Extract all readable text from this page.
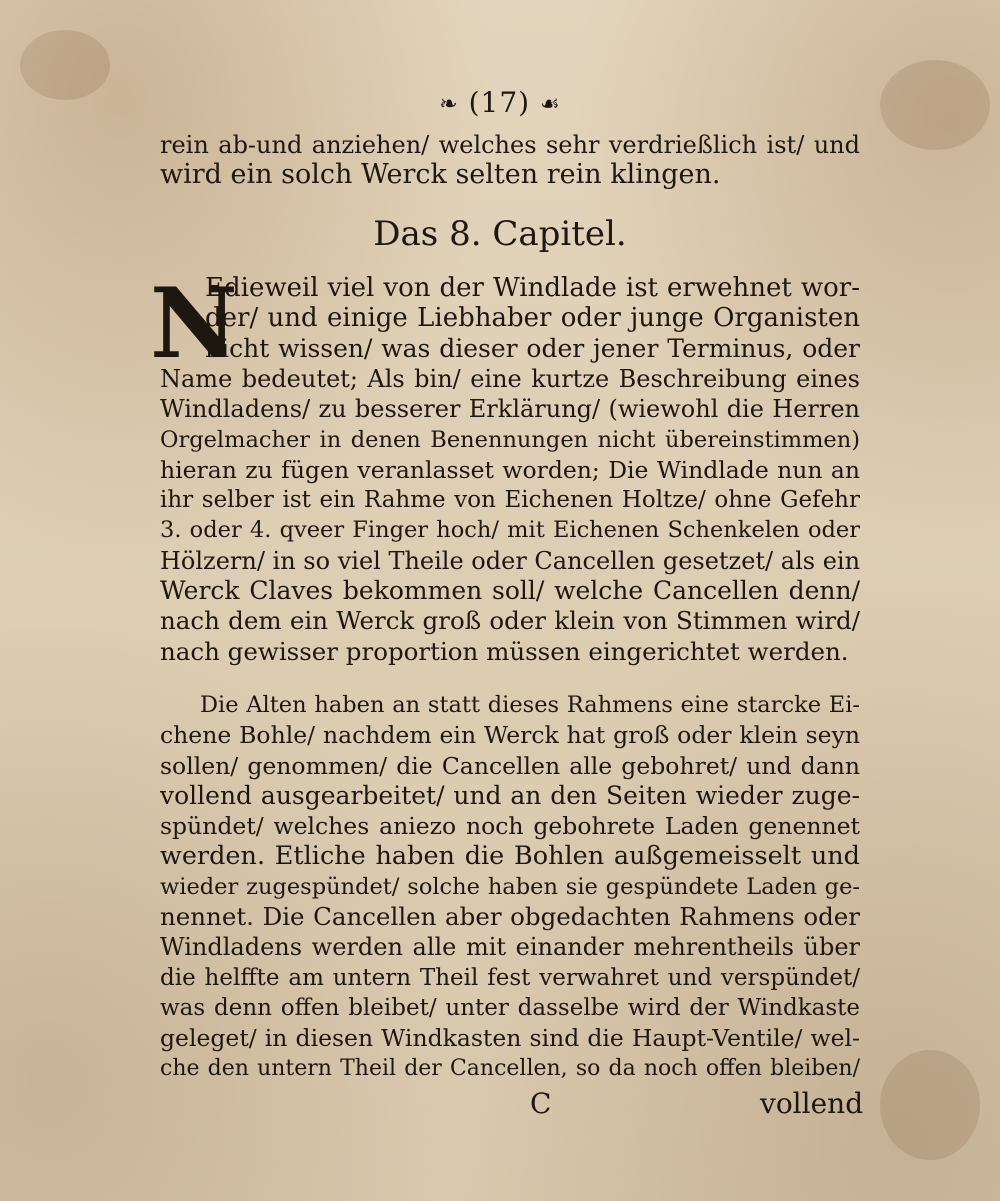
❧ (17) ☙
rein ab-und anziehen/ welches sehr verdrießlich ist/ und
wird ein solch Werck selten rein klingen.
Das 8. Capitel.
N
Edieweil viel von der Windlade ist erwehnet wor-
der/ und einige Liebhaber oder junge Organisten
nicht wissen/ was dieser oder jener Terminus, oder
Name bedeutet; Als bin/ eine kurtze Beschreibung eines
Windladens/ zu besserer Erklärung/ (wiewohl die Herren
Orgelmacher in denen Benennungen nicht übereinstimmen)
hieran zu fügen veranlasset worden; Die Windlade nun an
ihr selber ist ein Rahme von Eichenen Holtze/ ohne Gefehr
3. oder 4. qveer Finger hoch/ mit Eichenen Schenkelen oder
Hölzern/ in so viel Theile oder Cancellen gesetzet/ als ein
Werck Claves bekommen soll/ welche Cancellen denn/
nach dem ein Werck groß oder klein von Stimmen wird/
nach gewisser proportion müssen eingerichtet werden.
Die Alten haben an statt dieses Rahmens eine starcke Ei-
chene Bohle/ nachdem ein Werck hat groß oder klein seyn
sollen/ genommen/ die Cancellen alle gebohret/ und dann
vollend ausgearbeitet/ und an den Seiten wieder zuge-
spündet/ welches aniezo noch gebohrete Laden genennet
werden. Etliche haben die Bohlen außgemeisselt und
wieder zugespündet/ solche haben sie gespündete Laden ge-
nennet. Die Cancellen aber obgedachten Rahmens oder
Windladens werden alle mit einander mehrentheils über
die helffte am untern Theil fest verwahret und verspündet/
was denn offen bleibet/ unter dasselbe wird der Windkaste
geleget/ in diesen Windkasten sind die Haupt-Ventile/ wel-
che den untern Theil der Cancellen, so da noch offen bleiben/
C	vollend
